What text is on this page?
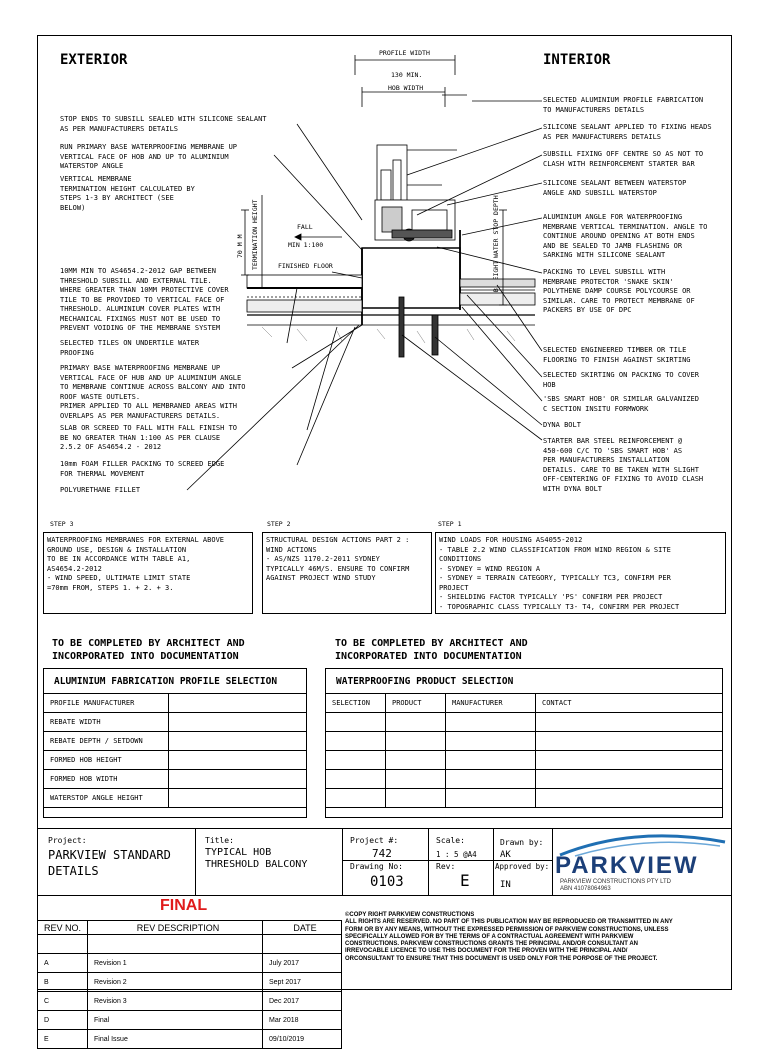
EXTERIOR	INTERIOR
STOP ENDS TO SUBSILL SEALED WITH SILICONE SEALANT
AS PER MANUFACTURERS DETAILS
RUN PRIMARY BASE WATERPROOFING MEMBRANE UP
VERTICAL FACE OF HOB AND UP TO ALUMINIUM
WATERSTOP ANGLE
VERTICAL MEMBRANE
TERMINATION HEIGHT CALCULATED BY
STEPS 1-3 BY ARCHITECT (SEE
BELOW)
10MM MIN TO AS4654.2-2012 GAP BETWEEN
THRESHOLD SUBSILL AND EXTERNAL TILE.
WHERE GREATER THAN 10MM PROTECTIVE COVER
TILE TO BE PROVIDED TO VERTICAL FACE OF
THRESHOLD. ALUMINIUM COVER PLATES WITH
MECHANICAL FIXINGS MUST NOT BE USED TO
PREVENT VOIDING OF THE MEMBRANE SYSTEM
SELECTED TILES ON UNDERTILE WATER
PROOFING
PRIMARY BASE WATERPROOFING MEMBRANE UP
VERTICAL FACE OF HUB AND UP ALUMINIUM ANGLE
TO MEMBRANE CONTINUE ACROSS BALCONY AND INTO
ROOF WASTE OUTLETS.
PRIMER APPLIED TO ALL MEMBRANED AREAS WITH
OVERLAPS AS PER MANUFACTURERS DETAILS.
SLAB OR SCREED TO FALL WITH FALL FINISH TO
BE NO GREATER THAN 1:100 AS PER CLAUSE
2.5.2 OF AS4654.2 - 2012
10mm FOAM FILLER PACKING TO SCREED EDGE
FOR THERMAL MOVEMENT
POLYURETHANE FILLET
SELECTED ALUMINIUM PROFILE FABRICATION
TO MANUFACTURERS DETAILS
SILICONE SEALANT APPLIED TO FIXING HEADS
AS PER MANUFACTURERS DETAILS
SUBSILL FIXING OFF CENTRE SO AS NOT TO
CLASH WITH REINFORCEMENT STARTER BAR
SILICONE SEALANT BETWEEN WATERSTOP
ANGLE AND SUBSILL WATERSTOP
ALUMINIUM ANGLE FOR WATERPROOFING
MEMBRANE VERTICAL TERMINATION. ANGLE TO
CONTINUE AROUND OPENING AT BOTH ENDS
AND BE SEALED TO JAMB FLASHING OR
SARKING WITH SILICONE SEALANT
PACKING TO LEVEL SUBSILL WITH
MEMBRANE PROTECTOR 'SNAKE SKIN'
POLYTHENE DAMP COURSE POLYCOURSE OR
SIMILAR. CARE TO PROTECT MEMBRANE OF
PACKERS BY USE OF DPC
SELECTED ENGINEERED TIMBER OR TILE
FLOORING TO FINISH AGAINST SKIRTING
SELECTED SKIRTING ON PACKING TO COVER
HOB
'SBS SMART HOB' OR SIMILAR GALVANIZED
C SECTION INSITU FORMWORK
DYNA BOLT
STARTER BAR STEEL REINFORCEMENT @
450-600 C/C TO 'SBS SMART HOB' AS
PER MANUFACTURERS INSTALLATION
DETAILS. CARE TO BE TAKEN WITH SLIGHT
OFF-CENTERING OF FIXING TO AVOID CLASH
WITH DYNA BOLT
PROFILE WIDTH
130 MIN.
HOB WIDTH
FALL
MIN 1:100
FINISHED FLOOR
70 M M TERMINATION HEIGHT	WATER STOP DEPTH
STEP 3	STEP 2	STEP 1
WATERPROOFING MEMBRANES FOR EXTERNAL ABOVE
GROUND USE, DESIGN & INSTALLATION
TO BE IN ACCORDANCE WITH TABLE A1,
AS4654.2-2012
- WIND SPEED, ULTIMATE LIMIT STATE
=70mm FROM, STEPS 1. + 2. + 3.
STRUCTURAL DESIGN ACTIONS PART 2 :
WIND ACTIONS
- AS/NZS 1170.2-2011 SYDNEY
TYPICALLY 46M/S. ENSURE TO CONFIRM
AGAINST PROJECT WIND STUDY
WIND LOADS FOR HOUSING AS4055-2012
- TABLE 2.2 WIND CLASSIFICATION FROM WIND REGION & SITE
CONDITIONS
- SYDNEY = WIND REGION A
- SYDNEY = TERRAIN CATEGORY, TYPICALLY TC3, CONFIRM PER
PROJECT
- SHIELDING FACTOR TYPICALLY 'PS' CONFIRM PER PROJECT
- TOPOGRAPHIC CLASS TYPICALLY T3- T4, CONFIRM PER PROJECT
TO BE COMPLETED BY ARCHITECT AND
INCORPORATED INTO DOCUMENTATION
TO BE COMPLETED BY ARCHITECT AND
INCORPORATED INTO DOCUMENTATION
ALUMINIUM FABRICATION PROFILE SELECTION
PROFILE MANUFACTURER	
REBATE WIDTH	
REBATE DEPTH / SETDOWN	
FORMED HOB HEIGHT	
FORMED HOB WIDTH	
WATERSTOP ANGLE HEIGHT	
WATERPROOFING PRODUCT SELECTION
SELECTION	PRODUCT	MANUFACTURER	CONTACT

Project:
PARKVIEW STANDARD
DETAILS
Title:
TYPICAL HOB
THRESHOLD BALCONY
Project #:
742
Scale:
1 : 5 @A4
Drawn by:
AK
Drawing No:
0103
Rev:
E
Approved by:
IN
PARKVIEW
PARKVIEW CONSTRUCTIONS PTY LTD
ABN 41078064963
FINAL
REV NO.	REV DESCRIPTION	DATE

A	Revision 1	July 2017
B	Revision 2	Sept 2017
C	Revision 3	Dec 2017
D	Final	Mar 2018
E	Final Issue	09/10/2019
©COPY RIGHT PARKVIEW CONSTRUCTIONS
ALL RIGHTS ARE RESERVED. NO PART OF THIS PUBLICATION MAY BE REPRODUCED OR TRANSMITTED IN ANY
FORM OR BY ANY MEANS, WITHOUT THE EXPRESSED PERMISSION OF PARKVIEW CONSTRUCTIONS, UNLESS
SPECIFICALLY ALLOWED FOR BY THE TERMS OF A CONTRACTUAL AGREEMENT WITH PARKVIEW
CONSTRUCTIONS. PARKVIEW CONSTRUCTIONS GRANTS THE PRINCIPAL AND/OR CONSULTANT AN
IRREVOCABLE LICENCE TO USE THIS DOCUMENT FOR THE PROVEN WITH THE PRINCIPAL AND/
ORCONSULTANT TO ENSURE THAT THIS DOCUMENT IS USED ONLY FOR THE PORPOSE OF THE PROJECT.
